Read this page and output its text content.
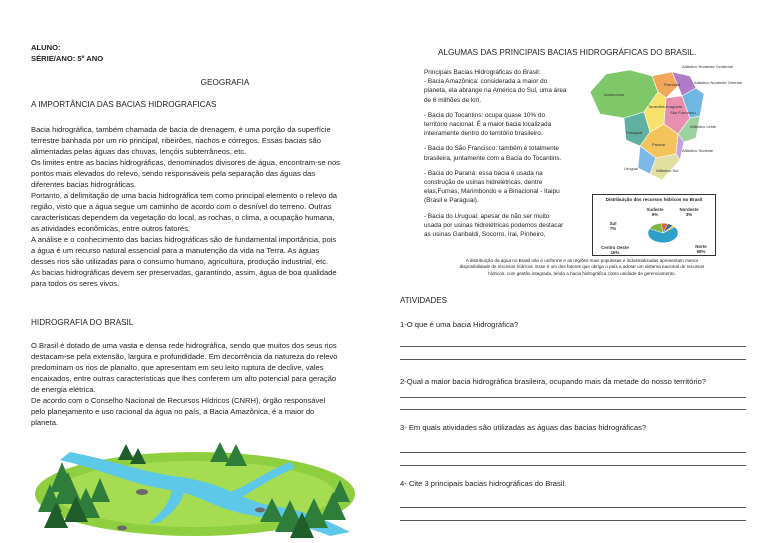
ALUNO:
SÉRIE/ANO: 5º ANO
GEOGRAFIA
A IMPORTÂNCIA DAS BACIAS HIDROGRAFICAS
Bacia hidrográfica, também chamada de bacia de drenagem, é uma porção da superfície
terrestre banhada por um rio principal, ribeirões, riachos e córregos. Essas bacias são
alimentadas pelas águas das chuvas, lençóis subterrâneos, etc.
Os limites entre as bacias hidrográficas, denominados divisores de água, encontram-se nos
pontos mais elevados do relevo, sendo responsáveis pela separação das águas das
diferentes bacias hidrográficas.
Portanto, a delimitação de uma bacia hidrográfica tem como principal elemento o relevo da
região, visto que a água segue um caminho de acordo com o desnível do terreno. Outras
características dependem da vegetação do local, as rochas, o clima, a ocupação humana,
as atividades econômicas, entre outros fatores.
A análise e o conhecimento das bacias hidrográficas são de fundamental importância, pois
a água é um recurso natural essencial para a manutenção da vida na Terra. As águas
desses rios são utilizadas para o consumo humano, agricultura, produção industrial, etc.
As bacias hidrográficas devem ser preservadas, garantindo, assim, água de boa qualidade
para todos os seres vivos.
HIDROGRAFIA DO BRASIL
O Brasil é dotado de uma vasta e densa rede hidrográfica, sendo que muitos dos seus rios
destacam-se pela extensão, largura e profundidade. Em decorrência da natureza do relevo
predominam os rios de planalto, que apresentam em seu leito ruptura de declive, vales
encaixados, entre outras características que lhes conferem um alto potencial para geração
de energia elétrica.
De acordo com o Conselho Nacional de Recursos Hídricos (CNRH), órgão responsável
pelo planejamento e uso racional da água no país, a Bacia Amazônica, é a maior do
planeta.
ALGUMAS DAS PRINCIPAIS BACIAS HIDROGRÁFICAS DO BRASIL.
Principais Bacias Hidrográficas do Brasil:
- Bacia Amazônica: considerada a maior do
planeta, ela abrange na América do Sul, uma área
de 6 milhões de km.
- Bacia do Tocantins: ocupa quase 10% do
território nacional. É a maior bacia localizada
inteiramente dentro do território brasileiro.
- Bacia do São Francisco: também é totalmente
brasileira, juntamente com a Bacia do Tocantins.
- Bacia do Paraná: essa bacia é usada na
construção de usinas hidrelétricas, dentre
elas,Furnas, Marimbondo e a Binacional - Itaipu
(Brasil e Paraguai).
- Bacia do Uruguai: apesar de não ser muito
usada por usinas hidrelétricas podemos destacar
as usinas Garibaldi, Socorro, Irai, Pinheiro,
Amazonica
Atlântico Nordeste Ocidental
Parnaíba	Atlântico Nordeste Oriental
Tocantins Araguaia
São Francisco
Atlântico Leste
Paraguai
Paraná
Atlântico Sudeste
Uruguai	Atlântico Sul
Distribuição dos recursos hídricos no Brasil
Norte 68%
Centro Oeste 16%
Sul 7%
Sudeste 6%
Nordeste 3%
A distribuição da água no Brasil não é uniforme e as regiões mais populosas e industrializadas apresentam menor
disponibilidade de recursos hídricos. Esse é um dos fatores que obriga o país a adotar um sistema nacional de recursos
hídricos, com gestão integrada, tendo a bacia hidrográfica como unidade de gerenciamento.
ATIVIDADES
1-O que é uma bacia Hidrográfica?
2-Qual a maior bacia hidrográfica brasileira, ocupando mais da metade do nosso território?
3- Em quais atividades são utilizadas as águas das bacias hidrográficas?
4- Cite 3 principais bacias hidrográficas do Brasil.
